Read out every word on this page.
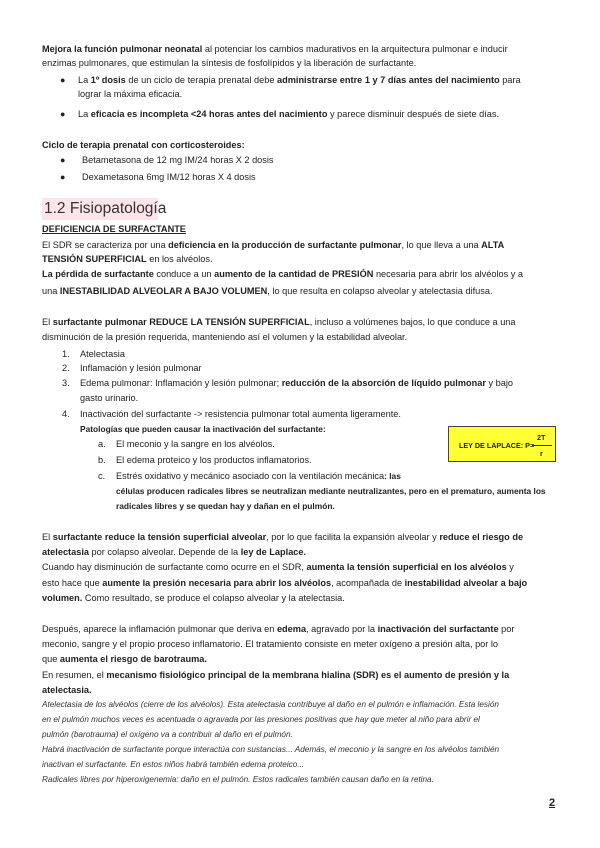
Mejora la función pulmonar neonatal al potenciar los cambios madurativos en la arquitectura pulmonar e inducir

enzimas pulmonares, que estimulan la síntesis de fosfolípidos y la liberación de surfactante.

● La 1º dosis de un ciclo de terapia prenatal debe administrarse entre 1 y 7 días antes del nacimiento para

lograr la máxima eficacia.

● La eficacia es incompleta <24 horas antes del nacimiento y parece disminuir después de siete días.

Ciclo de terapia prenatal con corticosteroides:

● Betametasona de 12 mg IM/24 horas X 2 dosis

● Dexametasona 6mg IM/12 horas X 4 dosis

1.2 Fisiopatología

DEFICIENCIA DE SURFACTANTE

El SDR se caracteriza por una deficiencia en la producción de surfactante pulmonar, lo que lleva a una ALTA

TENSIÓN SUPERFICIAL en los alvéolos.

La pérdida de surfactante conduce a un aumento de la cantidad de PRESIÓN necesaria para abrir los alvéolos y a

una INESTABILIDAD ALVEOLAR A BAJO VOLUMEN, lo que resulta en colapso alveolar y atelectasia difusa.

El surfactante pulmonar REDUCE LA TENSIÓN SUPERFICIAL, incluso a volúmenes bajos, lo que conduce a una

disminución de la presión requerida, manteniendo así el volumen y la estabilidad alveolar.

1. Atelectasia

2. Inflamación y lesión pulmonar

3. Edema pulmonar: Inflamación y lesión pulmonar; reducción de la absorción de líquido pulmonar y bajo

gasto urinario.

4. Inactivación del surfactante -> resistencia pulmonar total aumenta ligeramente.

Patologías que pueden causar la inactivación del surfactante:

a. El meconio y la sangre en los alvéolos.

b. El edema proteico y los productos inflamatorios.

c. Estrés oxidativo y mecánico asociado con la ventilación mecánica: las

células producen radicales libres se neutralizan mediante neutralizantes, pero en el prematuro, aumenta los

radicales libres y se quedan hay y dañan en el pulmón.

LEY DE LAPLACE: P=
2T
r

El surfactante reduce la tensión superficial alveolar, por lo que facilita la expansión alveolar y reduce el riesgo de

atelectasia por colapso alveolar. Depende de la ley de Laplace.

Cuando hay disminución de surfactante como ocurre en el SDR, aumenta la tensión superficial en los alvéolos y

esto hace que aumente la presión necesaria para abrir los alvéolos, acompañada de inestabilidad alveolar a bajo

volumen. Como resultado, se produce el colapso alveolar y la atelectasia.

Después, aparece la inflamación pulmonar que deriva en edema, agravado por la inactivación del surfactante por

meconio, sangre y el propio proceso inflamatorio. El tratamiento consiste en meter oxígeno a presión alta, por lo

que aumenta el riesgo de barotrauma.

En resumen, el mecanismo fisiológico principal de la membrana hialina (SDR) es el aumento de presión y la

atelectasia.

Atelectasia de los alvéolos (cierre de los alvéolos). Esta atelectasia contribuye al daño en el pulmón e inflamación. Esta lesión

en el pulmón muchos veces es acentuada o agravada por las presiones positivas que hay que meter al niño para abrir el

pulmón (barotrauma) el oxígeno va a contribuir al daño en el pulmón.

Habrá inactivación de surfactante porque interactúa con sustancias... Además, el meconio y la sangre en los alvéolos también

inactivan el surfactante. En estos niños habrá también edema proteico...

Radicales libres por hiperoxigenemia: daño en el pulmón. Estos radicales también causan daño en la retina.

2
